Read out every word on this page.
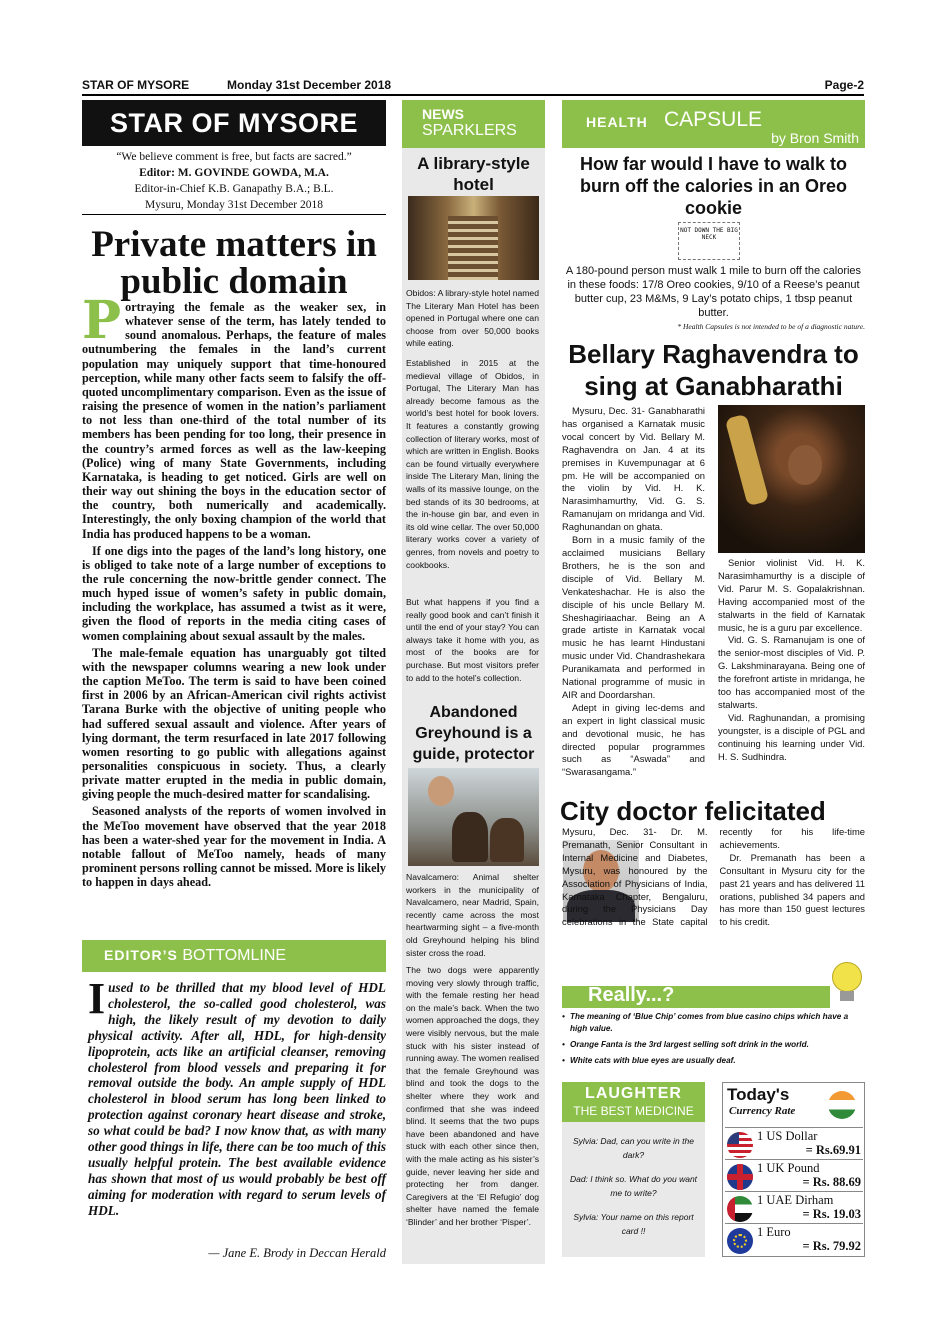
STAR OF MYSORE	Monday 31st December 2018	Page-2
STAR OF MYSORE
“We believe comment is free, but facts are sacred.”
Editor: M. GOVINDE GOWDA, M.A.
Editor-in-Chief K.B. Ganapathy B.A.; B.L.
Mysuru, Monday 31st December 2018
Private matters in public domain

Portraying the female as the weaker sex, in whatever sense of the term, has lately tended to sound anomalous. Perhaps, the feature of males outnumbering the females in the land’s current population may uniquely support that time-honoured perception, while many other facts seem to falsify the off-quoted uncomplimentary comparison. Even as the issue of raising the presence of women in the nation’s parliament to not less than one-third of the total number of its members has been pending for too long, their presence in the country’s armed forces as well as the law-keeping (Police) wing of many State Governments, including Karnataka, is heading to get noticed. Girls are well on their way out shining the boys in the education sector of the country, both numerically and academically. Interestingly, the only boxing champion of the world that India has produced happens to be a woman.

If one digs into the pages of the land’s long history, one is obliged to take note of a large number of exceptions to the rule concerning the now-brittle gender connect. The much hyped issue of women’s safety in public domain, including the workplace, has assumed a twist as it were, given the flood of reports in the media citing cases of women complaining about sexual assault by the males.

The male-female equation has unarguably got tilted with the newspaper columns wearing a new look under the caption MeToo. The term is said to have been coined first in 2006 by an African-American civil rights activist Tarana Burke with the objective of uniting people who had suffered sexual assault and violence. After years of lying dormant, the term resurfaced in late 2017 following women resorting to go public with allegations against personalities conspicuous in society. Thus, a clearly private matter erupted in the media in public domain, giving people the much-desired matter for scandalising.

Seasoned analysts of the reports of women involved in the MeToo movement have observed that the year 2018 has been a water-shed year for the movement in India. A notable fallout of MeToo namely, heads of many prominent persons rolling cannot be missed. More is likely to happen in days ahead.

EDITOR’S BOTTOMLINE
Iused to be thrilled that my blood level of HDL cholesterol, the so-called good cholesterol, was high, the likely result of my devotion to daily physical activity. After all, HDL, for high-density lipoprotein, acts like an artificial cleanser, removing cholesterol from blood vessels and preparing it for removal outside the body. An ample supply of HDL cholesterol in blood serum has long been linked to protection against coronary heart disease and stroke, so what could be bad? I now know that, as with many other good things in life, there can be too much of this usually helpful protein. The best available evidence has shown that most of us would probably be best off aiming for moderation with regard to serum levels of HDL.
— Jane E. Brody in Deccan Herald
NEWS
SPARKLERS
A library-style hotel
Obidos: A library-style hotel named The Literary Man Hotel has been opened in Portugal where one can choose from over 50,000 books while eating.
Established in 2015 at the medieval village of Obidos, in Portugal, The Literary Man has already become famous as the world’s best hotel for book lovers. It features a constantly growing collection of literary works, most of which are written in English. Books can be found virtually everywhere inside The Literary Man, lining the walls of its massive lounge, on the bed stands of its 30 bedrooms, at the in-house gin bar, and even in its old wine cellar. The over 50,000 literary works cover a variety of genres, from novels and poetry to cookbooks.
But what happens if you find a really good book and can’t finish it until the end of your stay? You can always take it home with you, as most of the books are for purchase. But most visitors prefer to add to the hotel’s collection.
Abandoned Greyhound is a guide, protector
Navalcamero: Animal shelter workers in the municipality of Navalcamero, near Madrid, Spain, recently came across the most heartwarming sight – a five-month old Greyhound helping his blind sister cross the road.
The two dogs were apparently moving very slowly through traffic, with the female resting her head on the male’s back. When the two women approached the dogs, they were visibly nervous, but the male stuck with his sister instead of running away. The women realised that the female Greyhound was blind and took the dogs to the shelter where they work and confirmed that she was indeed blind. It seems that the two pups have been abandoned and have stuck with each other since then, with the male acting as his sister’s guide, never leaving her side and protecting her from danger. Caregivers at the ‘El Refugio’ dog shelter have named the female ‘Blinder’ and her brother ‘Pisper’.
HEALTH CAPSULE
by Bron Smith
How far would I have to walk to burn off the calories in an Oreo cookie
NOT DOWN THE BIG NECK
A 180-pound person must walk 1 mile to burn off the calories in these foods: 17/8 Oreo cookies, 9/10 of a Reese’s peanut butter cup, 23 M&Ms, 9 Lay’s potato chips, 1 tbsp peanut butter.
* Health Capsules is not intended to be of a diagnostic nature.
Bellary Raghavendra to sing at Ganabharathi

Mysuru, Dec. 31- Ganabharathi has organised a Karnatak music vocal concert by Vid. Bellary M. Raghavendra on Jan. 4 at its premises in Kuvempunagar at 6 pm. He will be accompanied on the violin by Vid. H. K. Narasimhamurthy, Vid. G. S. Ramanujam on mridanga and Vid. Raghunandan on ghata.

Born in a music family of the acclaimed musicians Bellary Brothers, he is the son and disciple of Vid. Bellary M. Venkateshachar. He is also the disciple of his uncle Bellary M. Sheshagiriaachar. Being an A grade artiste in Karnatak vocal music he has learnt Hindustani music under Vid. Chandrashekara Puranikamata and performed in National programme of music in AIR and Doordarshan.

Adept in giving lec-dems and an expert in light classical music and devotional music, he has directed popular programmes such as “Aswada” and “Swarasangama.”

Senior violinist Vid. H. K. Narasimhamurthy is a disciple of Vid. Parur M. S. Gopalakrishnan. Having accompanied most of the stalwarts in the field of Karnatak music, he is a guru par excellence.

Vid. G. S. Ramanujam is one of the senior-most disciples of Vid. P. G. Lakshminarayana. Being one of the forefront artiste in mridanga, he too has accompanied most of the stalwarts.

Vid. Raghunandan, a promising youngster, is a disciple of PGL and continuing his learning under Vid. H. S. Sudhindra.

City doctor felicitated

Mysuru, Dec. 31- Dr. M. Premanath, Senior Consultant in Internal Medicine and Diabetes, Mysuru, was honoured by the Association of Physicians of India, Karnataka Chapter, Bengaluru, during the Physicians Day celebrations in the State capital recently for his life-time achievements.

Dr. Premanath has been a Consultant in Mysuru city for the past 21 years and has delivered 11 orations, published 34 papers and has more than 150 guest lectures to his credit.

Really...?
• The meaning of ‘Blue Chip’ comes from blue casino chips which have a high value.
• Orange Fanta is the 3rd largest selling soft drink in the world.
• White cats with blue eyes are usually deaf.
LAUGHTER
THE BEST MEDICINE
Sylvia: Dad, can you write in the dark?
Dad: I think so. What do you want me to write?
Sylvia: Your name on this report card !!
Today's
Currency Rate
1 US Dollar
= Rs.69.91
1 UK Pound
= Rs. 88.69
1 UAE Dirham
= Rs. 19.03
1 Euro
= Rs. 79.92
